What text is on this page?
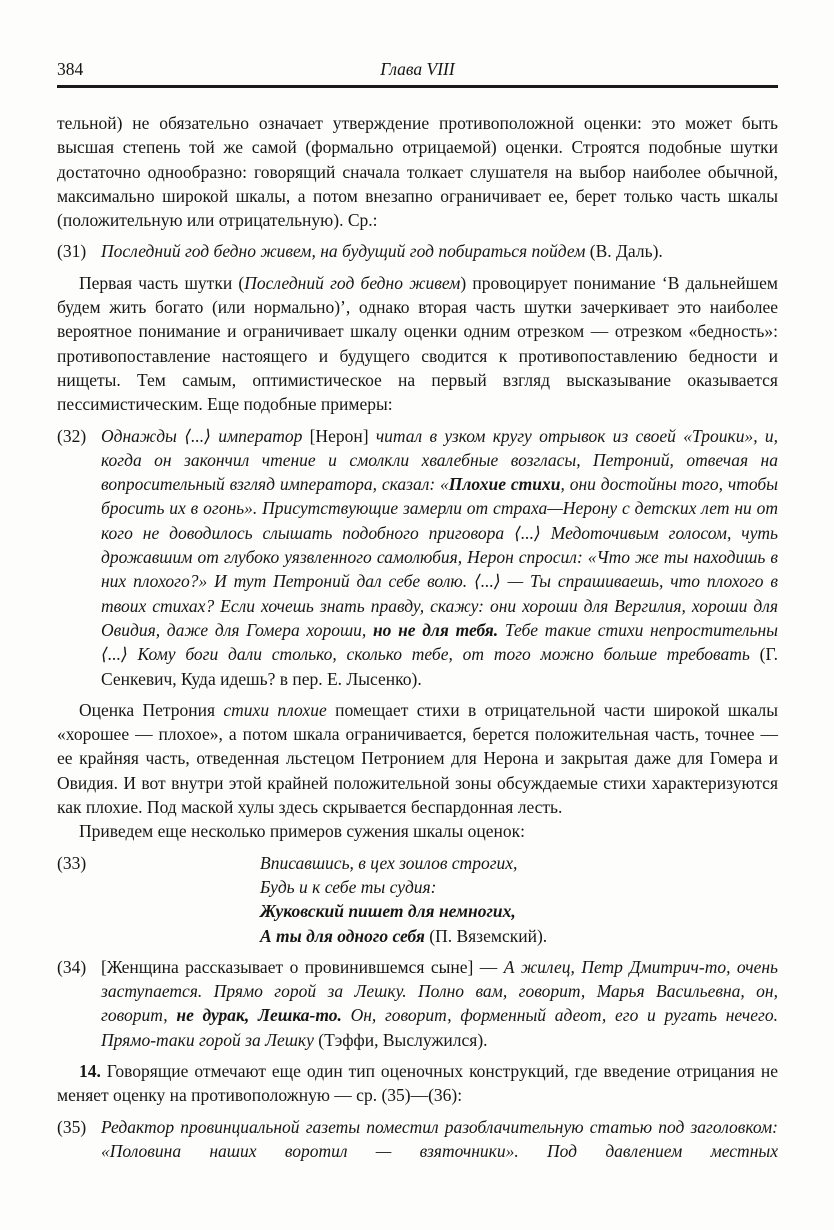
384	Глава VIII

тельной) не обязательно означает утверждение противоположной оценки: это может быть высшая степень той же самой (формально отрицаемой) оценки. Строятся подобные шутки достаточно однообразно: говорящий сначала толкает слушателя на выбор наиболее обычной, максимально широкой шкалы, а потом внезапно ограничивает ее, берет только часть шкалы (положительную или отрицательную). Ср.:

(31) Последний год бедно живем, на будущий год побираться пойдем (В. Даль).

Первая часть шутки (Последний год бедно живем) провоцирует понимание ‘В дальнейшем будем жить богато (или нормально)’, однако вторая часть шутки зачеркивает это наиболее вероятное понимание и ограничивает шкалу оценки одним отрезком — отрезком «бедность»: противопоставление настоящего и будущего сводится к противопоставлению бедности и нищеты. Тем самым, оптимистическое на первый взгляд высказывание оказывается пессимистическим. Еще подобные примеры:

(32) Однажды ⟨...⟩ император [Нерон] читал в узком кругу отрывок из своей «Троики», и, когда он закончил чтение и смолкли хвалебные возгласы, Петроний, отвечая на вопросительный взгляд императора, сказал: «Плохие стихи, они достойны того, чтобы бросить их в огонь». Присутствующие замерли от страха—Нерону с детских лет ни от кого не доводилось слышать подобного приговора ⟨...⟩ Медоточивым голосом, чуть дрожавшим от глубоко уязвленного самолюбия, Нерон спросил: «Что же ты находишь в них плохого?» И тут Петроний дал себе волю. ⟨...⟩ — Ты спрашиваешь, что плохого в твоих стихах? Если хочешь знать правду, скажу: они хороши для Вергилия, хороши для Овидия, даже для Гомера хороши, но не для тебя. Тебе такие стихи непростительны ⟨...⟩ Кому боги дали столько, сколько тебе, от того можно больше требовать (Г. Сенкевич, Куда идешь? в пер. Е. Лысенко).

Оценка Петрония стихи плохие помещает стихи в отрицательной части широкой шкалы «хорошее — плохое», а потом шкала ограничивается, берется положительная часть, точнее — ее крайняя часть, отведенная льстецом Петронием для Нерона и закрытая даже для Гомера и Овидия. И вот внутри этой крайней положительной зоны обсуждаемые стихи характеризуются как плохие. Под маской хулы здесь скрывается беспардонная лесть.

Приведем еще несколько примеров сужения шкалы оценок:

(33)	Вписавшись, в цех зоилов строгих,
Будь и к себе ты судия:
Жуковский пишет для немногих,
А ты для одного себя (П. Вяземский).
(34) [Женщина рассказывает о провинившемся сыне] — А жилец, Петр Дмитрич-то, очень заступается. Прямо горой за Лешку. Полно вам, говорит, Марья Васильевна, он, говорит, не дурак, Лешка-то. Он, говорит, форменный адеот, его и ругать нечего. Прямо-таки горой за Лешку (Тэффи, Выслужился).

14. Говорящие отмечают еще один тип оценочных конструкций, где введение отрицания не меняет оценку на противоположную — ср. (35)—(36):

(35) Редактор провинциальной газеты поместил разоблачительную статью под заголовком: «Половина наших воротил — взяточники». Под давлением местных
